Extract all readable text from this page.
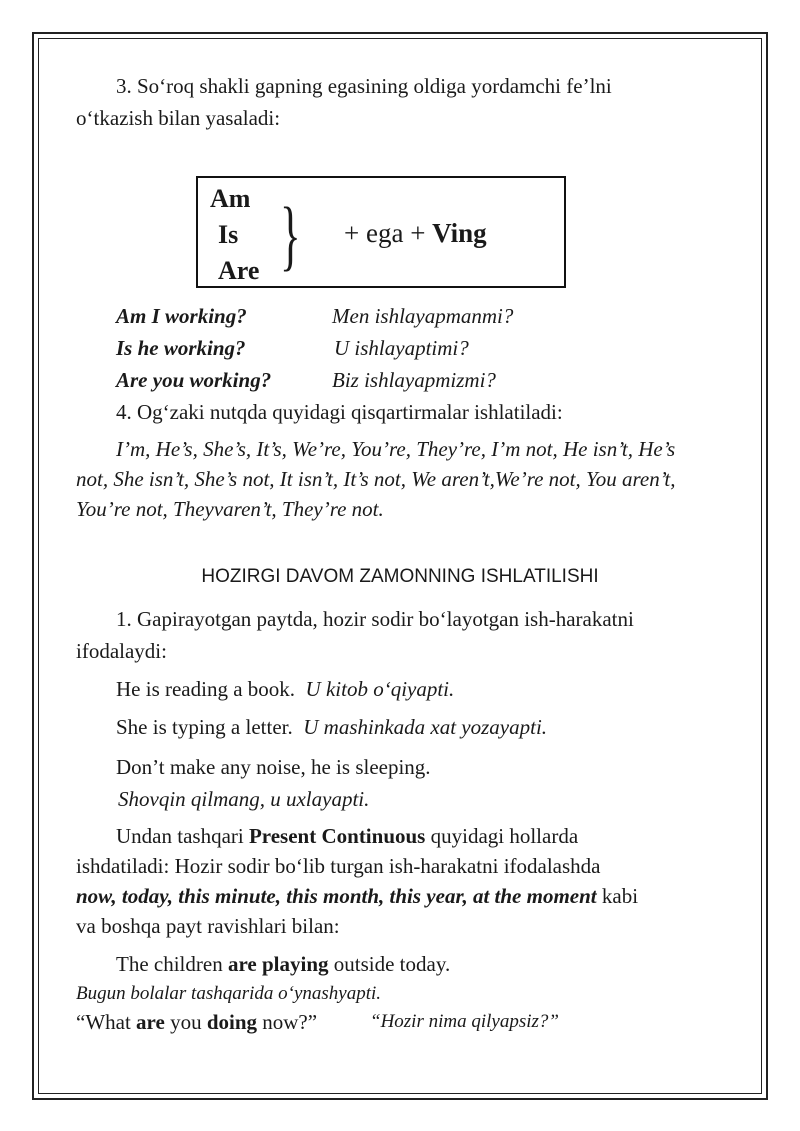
3. So‘roq shakli gapning egasining oldiga yordamchi fe’lni
o‘tkazish bilan yasaladi:
Am
Is
Are } + ega + Ving
Am I working?	Men ishlayapmanmi?
Is he working?	U ishlayaptimi?
Are you working?	Biz ishlayapmizmi?
4. Og‘zaki nutqda quyidagi qisqartirmalar ishlatiladi:
I’m, He’s, She’s, It’s, We’re, You’re, They’re, I’m not, He isn’t, He’s
not, She isn’t, She’s not, It isn’t, It’s not, We aren’t,We’re not, You aren’t,
You’re not, Theyvaren’t, They’re not.
HOZIRGI DAVOM ZAMONNING ISHLATILISHI
1. Gapirayotgan paytda, hozir sodir bo‘layotgan ish-harakatni
ifodalaydi:
He is reading a book. U kitob o‘qiyapti.
She is typing a letter. U mashinkada xat yozayapti.
Don’t make any noise, he is sleeping.
Shovqin qilmang, u uxlayapti.
Undan tashqari Present Continuous quyidagi hollarda
ishdatiladi: Hozir sodir bo‘lib turgan ish-harakatni ifodalashda
now, today, this minute, this month, this year, at the moment kabi
va boshqa payt ravishlari bilan:
The children are playing outside today.
Bugun bolalar tashqarida o‘ynashyapti.
“What are you doing now?”	“Hozir nima qilyapsiz?”
